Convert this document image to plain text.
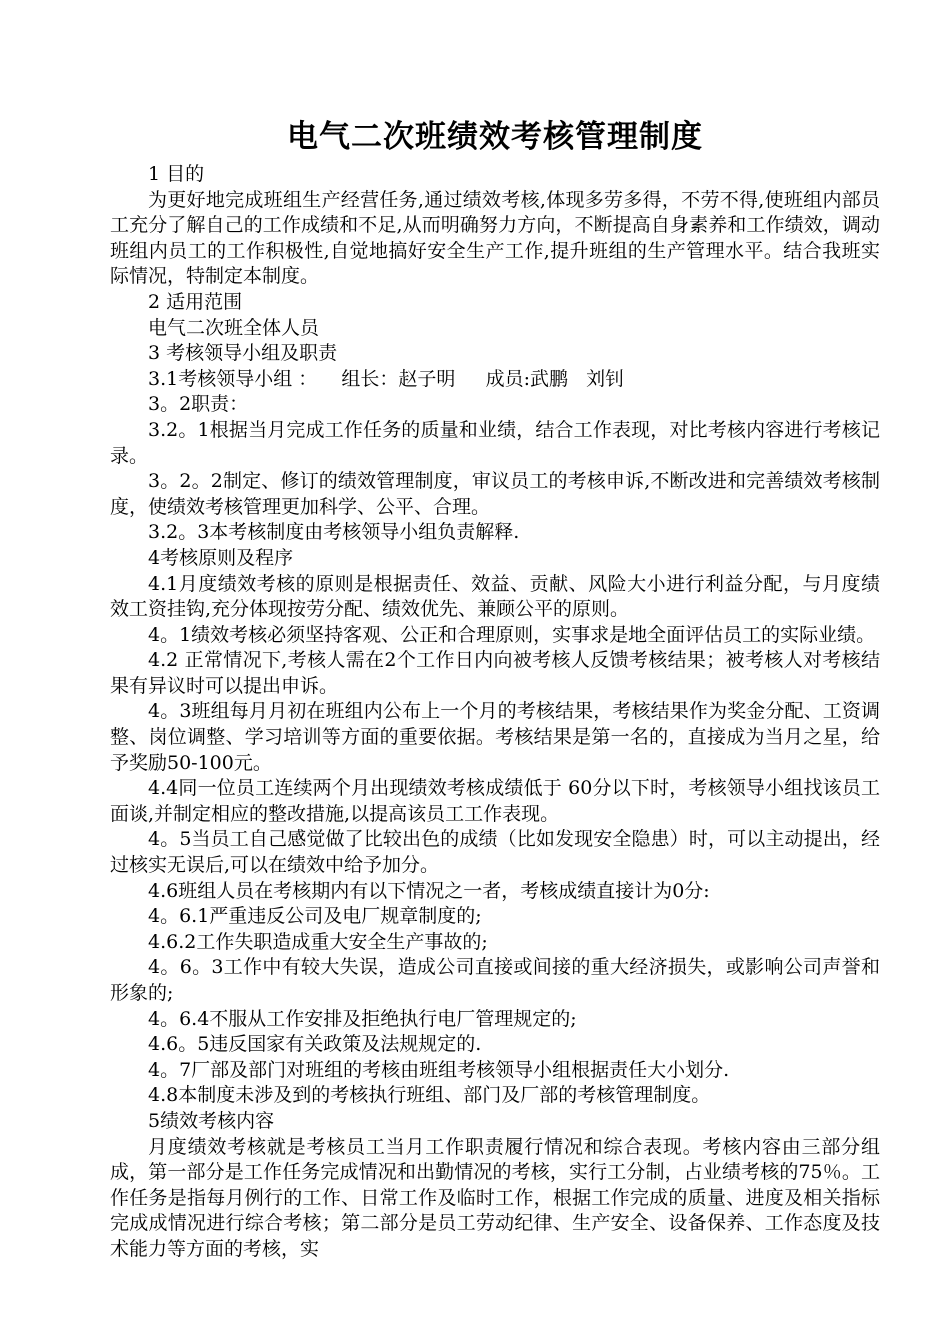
电气二次班绩效考核管理制度

1 目的

为更好地完成班组生产经营任务,通过绩效考核,体现多劳多得，不劳不得,使班组内部员工充分了解自己的工作成绩和不足,从而明确努力方向，不断提高自身素养和工作绩效，调动班组内员工的工作积极性,自觉地搞好安全生产工作,提升班组的生产管理水平。结合我班实际情况，特制定本制度。

2 适用范围

电气二次班全体人员

3 考核领导小组及职责

3.1考核领导小组 ：    组长：赵子明     成员:武鹏   刘钊

3。2职责：

3.2。1根据当月完成工作任务的质量和业绩，结合工作表现，对比考核内容进行考核记录。

3。2。2制定、修订的绩效管理制度，审议员工的考核申诉,不断改进和完善绩效考核制度，使绩效考核管理更加科学、公平、合理。

3.2。3本考核制度由考核领导小组负责解释.

4考核原则及程序

4.1月度绩效考核的原则是根据责任、效益、贡献、风险大小进行利益分配，与月度绩效工资挂钩,充分体现按劳分配、绩效优先、兼顾公平的原则。

4。1绩效考核必须坚持客观、公正和合理原则，实事求是地全面评估员工的实际业绩。

4.2 正常情况下,考核人需在2个工作日内向被考核人反馈考核结果；被考核人对考核结果有异议时可以提出申诉。

4。3班组每月月初在班组内公布上一个月的考核结果，考核结果作为奖金分配、工资调整、岗位调整、学习培训等方面的重要依据。考核结果是第一名的，直接成为当月之星，给予奖励50-100元。

4.4同一位员工连续两个月出现绩效考核成绩低于 60分以下时，考核领导小组找该员工面谈,并制定相应的整改措施,以提高该员工工作表现。

4。5当员工自己感觉做了比较出色的成绩（比如发现安全隐患）时，可以主动提出，经过核实无误后,可以在绩效中给予加分。

4.6班组人员在考核期内有以下情况之一者，考核成绩直接计为0分:

4。6.1严重违反公司及电厂规章制度的;

4.6.2工作失职造成重大安全生产事故的;

4。6。3工作中有较大失误，造成公司直接或间接的重大经济损失，或影响公司声誉和形象的;

4。6.4不服从工作安排及拒绝执行电厂管理规定的;

4.6。5违反国家有关政策及法规规定的.

4。7厂部及部门对班组的考核由班组考核领导小组根据责任大小划分.

4.8本制度未涉及到的考核执行班组、部门及厂部的考核管理制度。

5绩效考核内容

月度绩效考核就是考核员工当月工作职责履行情况和综合表现。考核内容由三部分组成，第一部分是工作任务完成情况和出勤情况的考核，实行工分制，占业绩考核的75％。工作任务是指每月例行的工作、日常工作及临时工作，根据工作完成的质量、进度及相关指标完成成情况进行综合考核；第二部分是员工劳动纪律、生产安全、设备保养、工作态度及技术能力等方面的考核，实
